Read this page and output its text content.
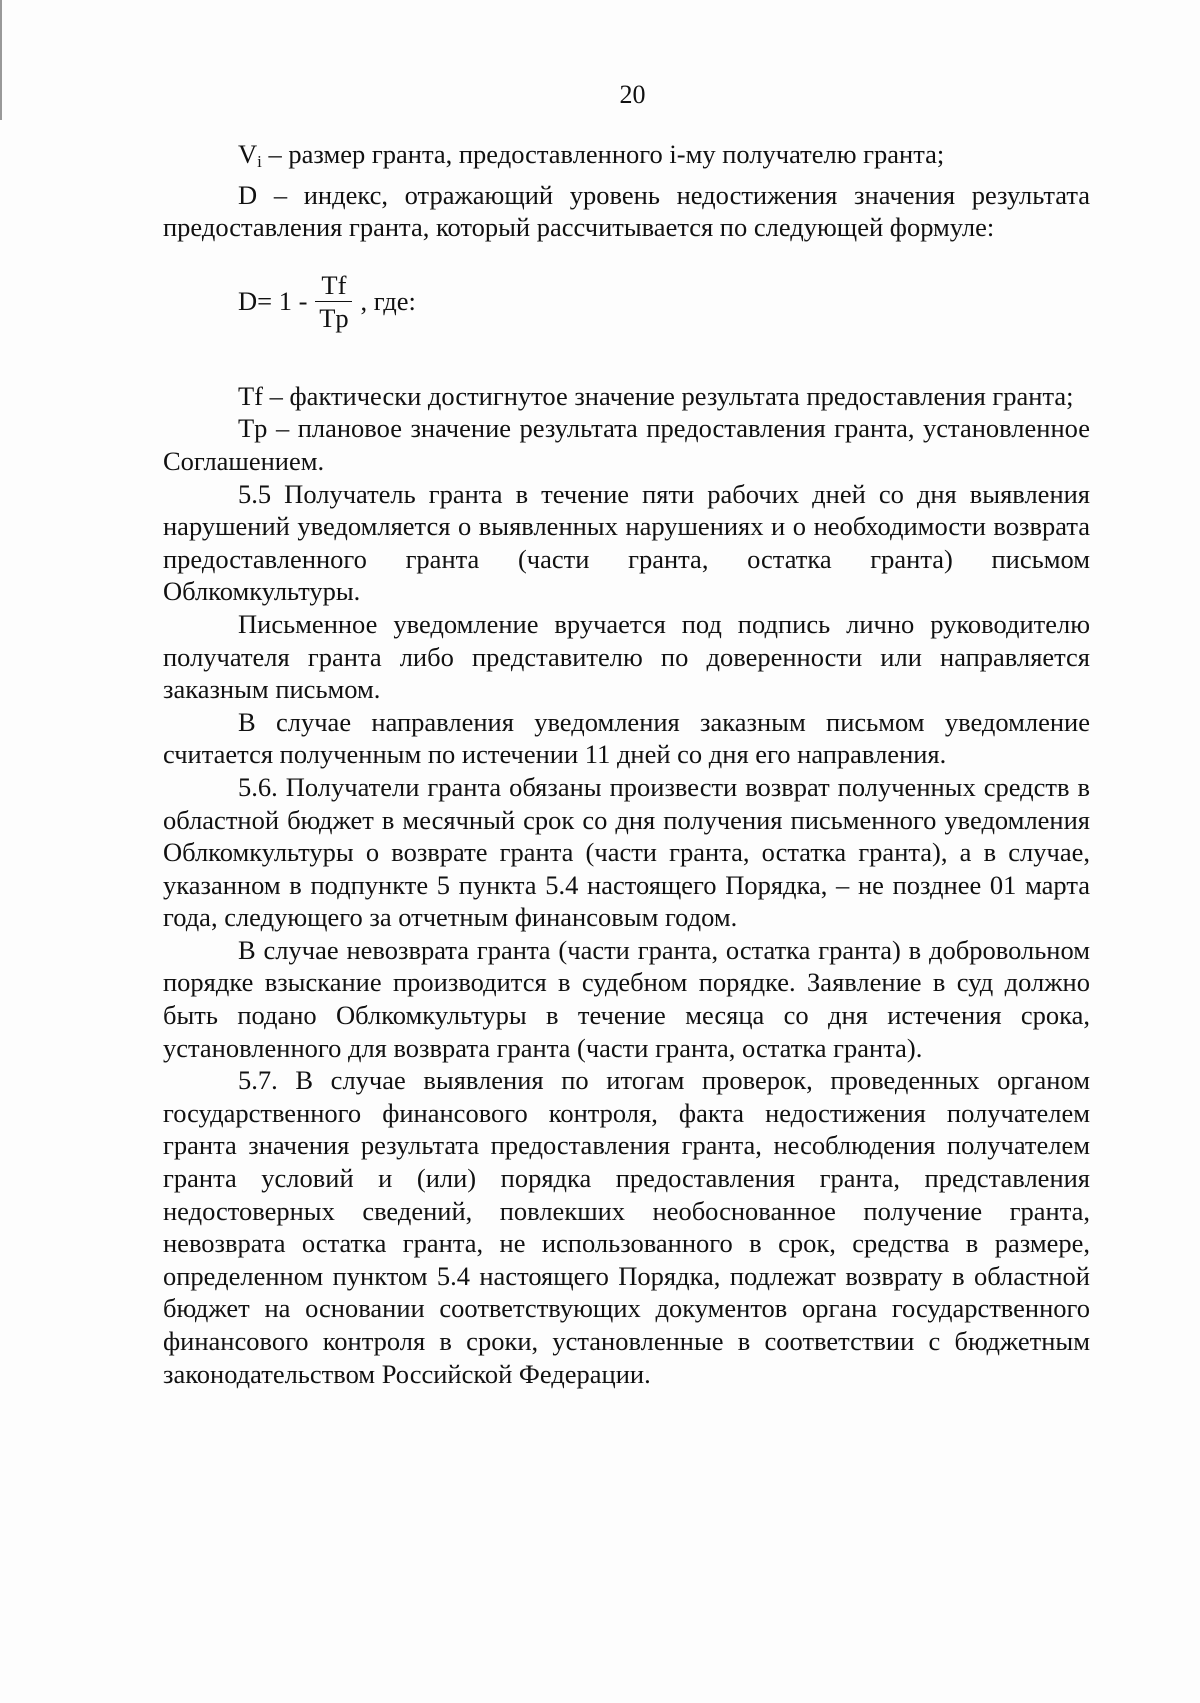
20

$V_i$ – размер гранта, предоставленного i-му получателю гранта;

D – индекс, отражающий уровень недостижения значения результата предоставления гранта, который рассчитывается по следующей формуле:

$D= 1 - \frac{Tf}{Tp}$ , где:

Tf – фактически достигнутое значение результата предоставления гранта;

Tp – плановое значение результата предоставления гранта, установленное Соглашением.

5.5 Получатель гранта в течение пяти рабочих дней со дня выявления нарушений уведомляется о выявленных нарушениях и о необходимости возврата предоставленного гранта (части гранта, остатка гранта) письмом Облкомкультуры.

Письменное уведомление вручается под подпись лично руководителю получателя гранта либо представителю по доверенности или направляется заказным письмом.

В случае направления уведомления заказным письмом уведомление считается полученным по истечении 11 дней со дня его направления.

5.6. Получатели гранта обязаны произвести возврат полученных средств в областной бюджет в месячный срок со дня получения письменного уведомления Облкомкультуры о возврате гранта (части гранта, остатка гранта), а в случае, указанном в подпункте 5 пункта 5.4 настоящего Порядка, – не позднее 01 марта года, следующего за отчетным финансовым годом.

В случае невозврата гранта (части гранта, остатка гранта) в добровольном порядке взыскание производится в судебном порядке. Заявление в суд должно быть подано Облкомкультуры в течение месяца со дня истечения срока, установленного для возврата гранта (части гранта, остатка гранта).

5.7. В случае выявления по итогам проверок, проведенных органом государственного финансового контроля, факта недостижения получателем гранта значения результата предоставления гранта, несоблюдения получателем гранта условий и (или) порядка предоставления гранта, представления недостоверных сведений, повлекших необоснованное получение гранта, невозврата остатка гранта, не использованного в срок, средства в размере, определенном пунктом 5.4 настоящего Порядка, подлежат возврату в областной бюджет на основании соответствующих документов органа государственного финансового контроля в сроки, установленные в соответствии с бюджетным законодательством Российской Федерации.
